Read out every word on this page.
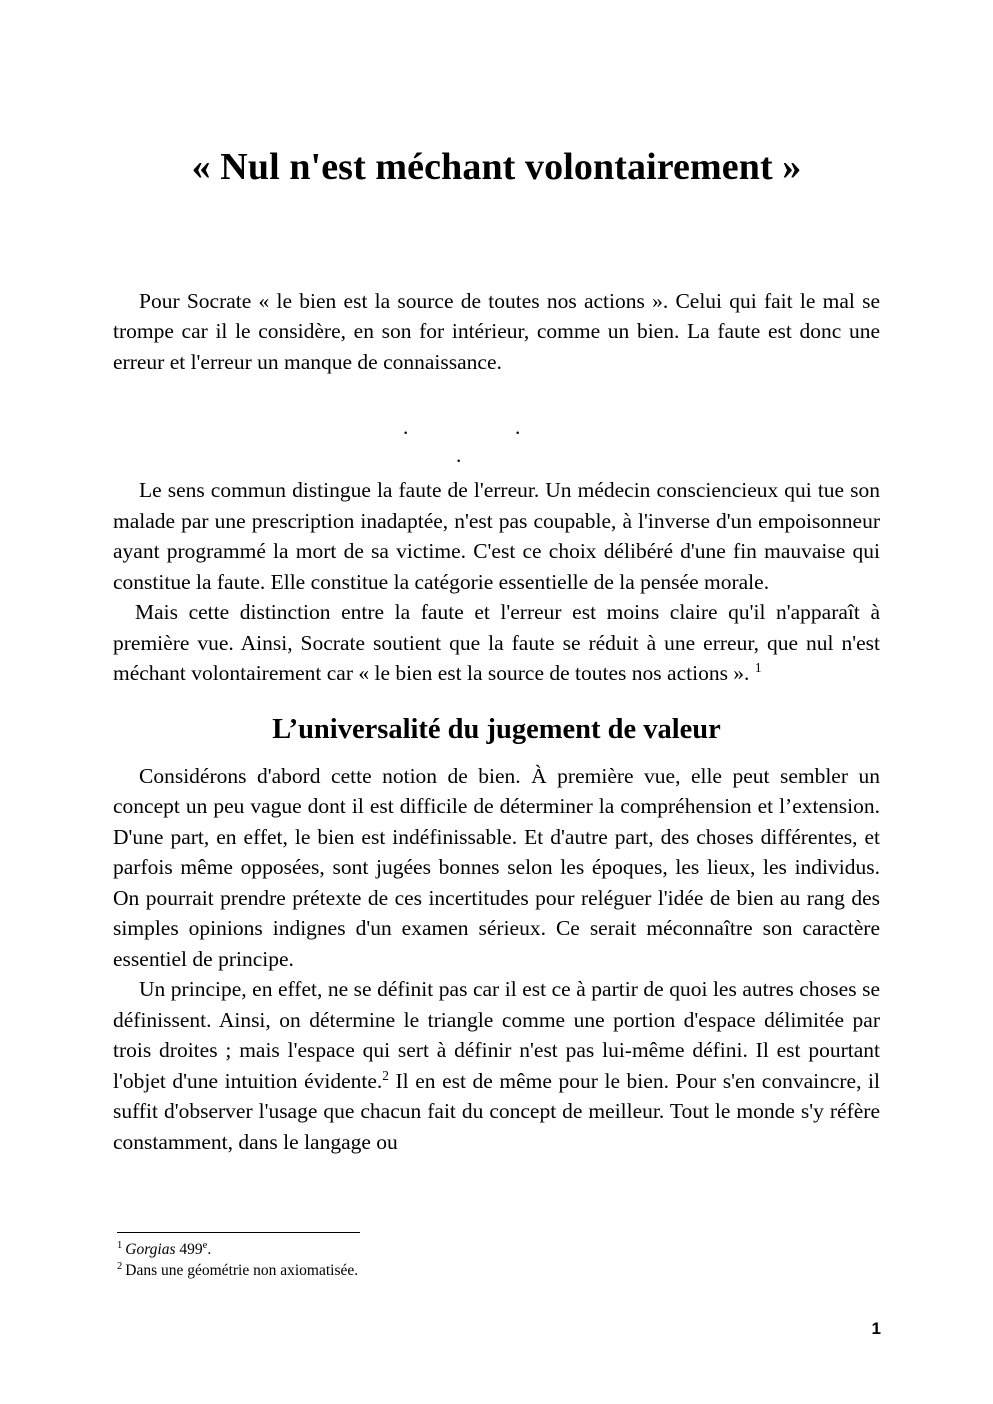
« Nul n'est méchant volontairement »

Pour Socrate « le bien est la source de toutes nos actions ». Celui qui fait le mal se trompe car il le considère, en son for intérieur, comme un bien. La faute est donc une erreur et l'erreur un manque de connaissance.

.	.
.

Le sens commun distingue la faute de l'erreur. Un médecin consciencieux qui tue son malade par une prescription inadaptée, n'est pas coupable, à l'inverse d'un empoisonneur ayant programmé la mort de sa victime. C'est ce choix délibéré d'une fin mauvaise qui constitue la faute. Elle constitue la catégorie essentielle de la pensée morale.

Mais cette distinction entre la faute et l'erreur est moins claire qu'il n'apparaît à première vue. Ainsi, Socrate soutient que la faute se réduit à une erreur, que nul n'est méchant volontairement car « le bien est la source de toutes nos actions ». $^1$

L’universalité du jugement de valeur

Considérons d'abord cette notion de bien. À première vue, elle peut sembler un concept un peu vague dont il est difficile de déterminer la compréhension et l’extension. D'une part, en effet, le bien est indéfinissable. Et d'autre part, des choses différentes, et parfois même opposées, sont jugées bonnes selon les époques, les lieux, les individus. On pourrait prendre prétexte de ces incertitudes pour reléguer l'idée de bien au rang des simples opinions indignes d'un examen sérieux. Ce serait méconnaître son caractère essentiel de principe.

Un principe, en effet, ne se définit pas car il est ce à partir de quoi les autres choses se définissent. Ainsi, on détermine le triangle comme une portion d'espace délimitée par trois droites ; mais l'espace qui sert à définir n'est pas lui-même défini. Il est pourtant l'objet d'une intuition évidente.$^2$ Il en est de même pour le bien. Pour s'en convaincre, il suffit d'observer l'usage que chacun fait du concept de meilleur. Tout le monde s'y réfère constamment, dans le langage ou

$^1$ Gorgias 499e.

$^2$ Dans une géométrie non axiomatisée.

1
